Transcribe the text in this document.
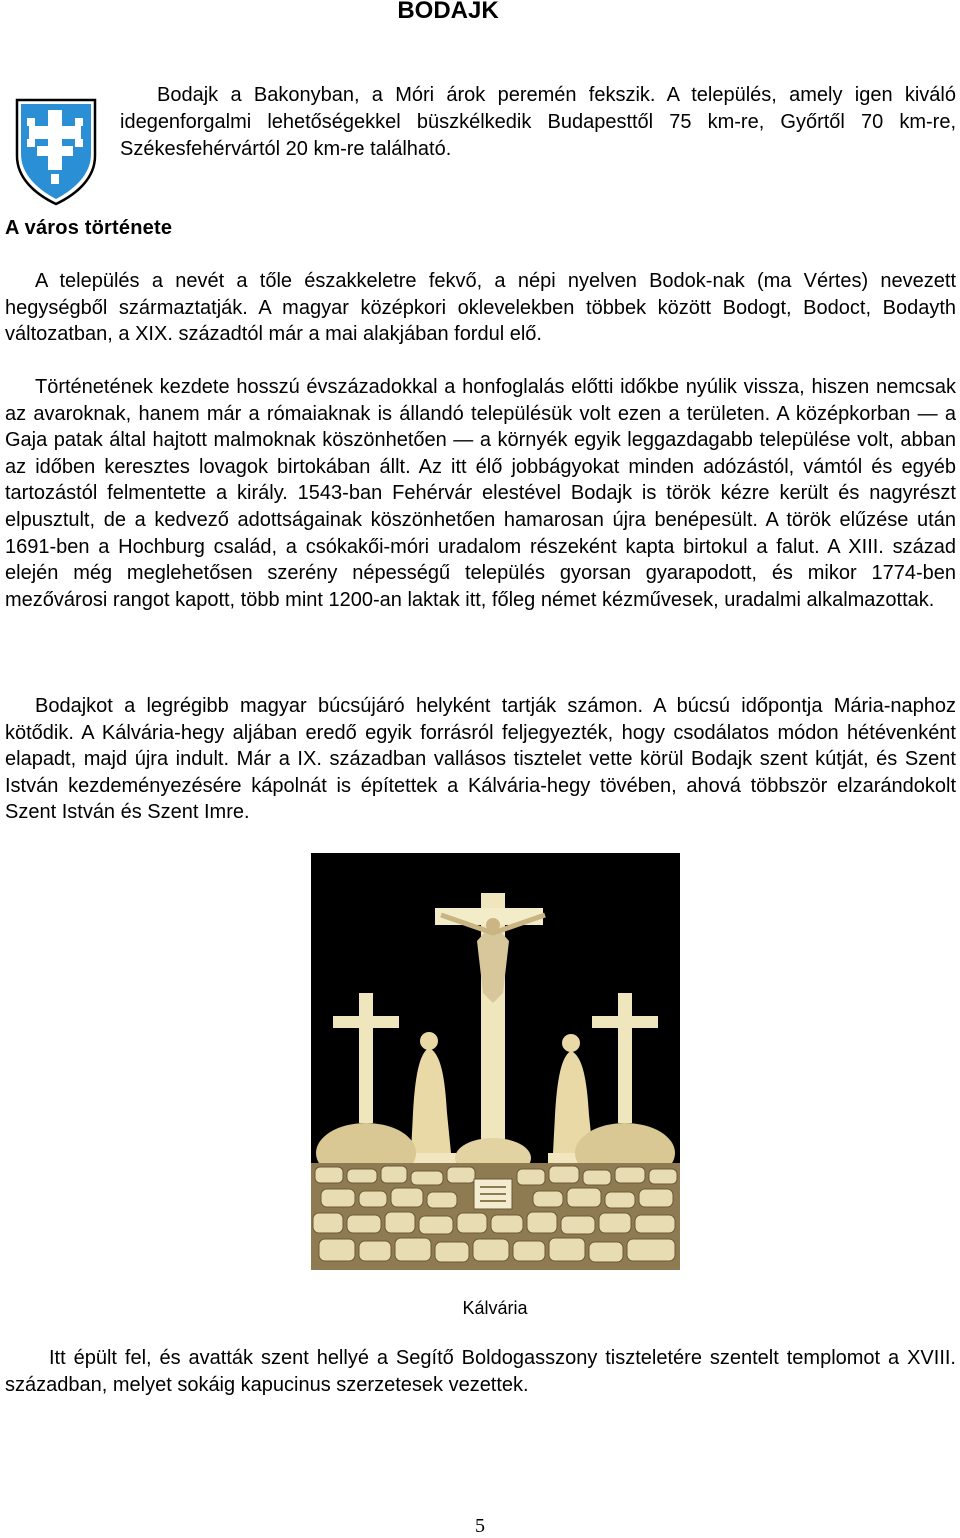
BODAJK

Bodajk a Bakonyban, a Móri árok peremén fekszik. A település, amely igen kiváló idegenforgalmi lehetőségekkel büszkélkedik Budapesttől 75 km-re, Győrtől 70 km-re, Székesfehérvártól 20 km-re található.

A város története

A település a nevét a tőle északkeletre fekvő, a népi nyelven Bodok-nak (ma Vértes) nevezett hegységből származtatják. A magyar középkori oklevelekben többek között Bodogt, Bodoct, Bodayth változatban, a XIX. századtól már a mai alakjában fordul elő.

Történetének kezdete hosszú évszázadokkal a honfoglalás előtti időkbe nyúlik vissza, hiszen nemcsak az avaroknak, hanem már a rómaiaknak is állandó településük volt ezen a területen. A középkorban — a Gaja patak által hajtott malmoknak köszönhetően — a környék egyik leggazdagabb települése volt, abban az időben keresztes lovagok birtokában állt. Az itt élő jobbágyokat minden adózástól, vámtól és egyéb tartozástól felmentette a király. 1543-ban Fehérvár elestével Bodajk is török kézre került és nagyrészt elpusztult, de a kedvező adottságainak köszönhetően hamarosan újra benépesült. A török elűzése után 1691-ben a Hochburg család, a csókakői-móri uradalom részeként kapta birtokul a falut. A XIII. század elején még meglehetősen szerény népességű település gyorsan gyarapodott, és mikor 1774-ben mezővárosi rangot kapott, több mint 1200-an laktak itt, főleg német kézművesek, uradalmi alkalmazottak.

Bodajkot a legrégibb magyar búcsújáró helyként tartják számon. A búcsú időpontja Mária-naphoz kötődik. A Kálvária-hegy aljában eredő egyik forrásról feljegyezték, hogy csodálatos módon hétévenként elapadt, majd újra indult. Már a IX. században vallásos tisztelet vette körül Bodajk szent kútját, és Szent István kezdeményezésére kápolnát is építettek a Kálvária-hegy tövében, ahová többször elzarándokolt Szent István és Szent Imre.

Kálvária

Itt épült fel, és avatták szent hellyé a Segítő Boldogasszony tiszteletére szentelt templomot a XVIII. században, melyet sokáig kapucinus szerzetesek vezettek.

5
